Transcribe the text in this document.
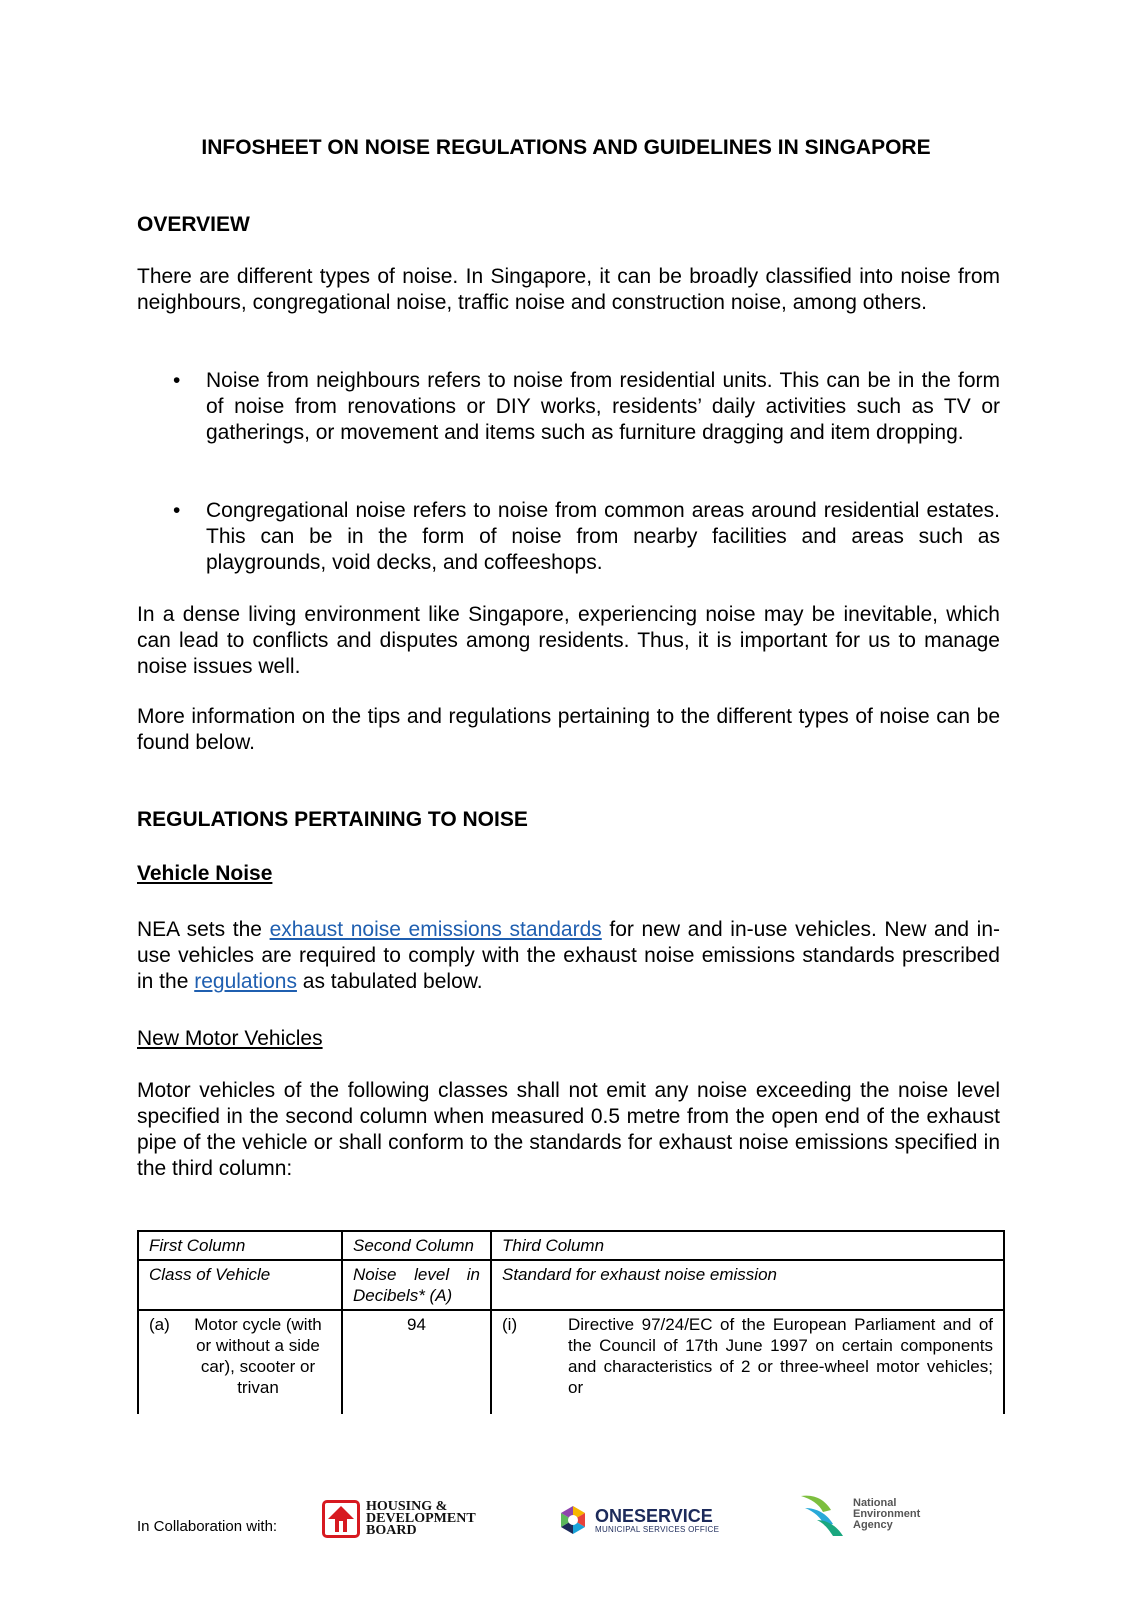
INFOSHEET ON NOISE REGULATIONS AND GUIDELINES IN SINGAPORE
OVERVIEW

There are different types of noise. In Singapore, it can be broadly classified into noise from neighbours, congregational noise, traffic noise and construction noise, among others.

• Noise from neighbours refers to noise from residential units. This can be in the form of noise from renovations or DIY works, residents’ daily activities such as TV or gatherings, or movement and items such as furniture dragging and item dropping.

• Congregational noise refers to noise from common areas around residential estates. This can be in the form of noise from nearby facilities and areas such as playgrounds, void decks, and coffeeshops.

In a dense living environment like Singapore, experiencing noise may be inevitable, which can lead to conflicts and disputes among residents. Thus, it is important for us to manage noise issues well.

More information on the tips and regulations pertaining to the different types of noise can be found below.

REGULATIONS PERTAINING TO NOISE
Vehicle Noise

NEA sets the exhaust noise emissions standards for new and in-use vehicles. New and in-use vehicles are required to comply with the exhaust noise emissions standards prescribed in the regulations as tabulated below.

New Motor Vehicles

Motor vehicles of the following classes shall not emit any noise exceeding the noise level specified in the second column when measured 0.5 metre from the open end of the exhaust pipe of the vehicle or shall conform to the standards for exhaust noise emissions specified in the third column:

First Column	Second Column	Third Column
Class of Vehicle	Noise level in Decibels* (A)	Standard for exhaust noise emission

(a) Motor cycle (with or without a side car), scooter or trivan	94	(i) Directive 97/24/EC of the European Parliament and of the Council of 17th June 1997 on certain components and characteristics of 2 or three-wheel motor vehicles; or
In Collaboration with:
HOUSING &
DEVELOPMENT
BOARD
ONESERVICE
MUNICIPAL SERVICES OFFICE
National
Environment
Agency
